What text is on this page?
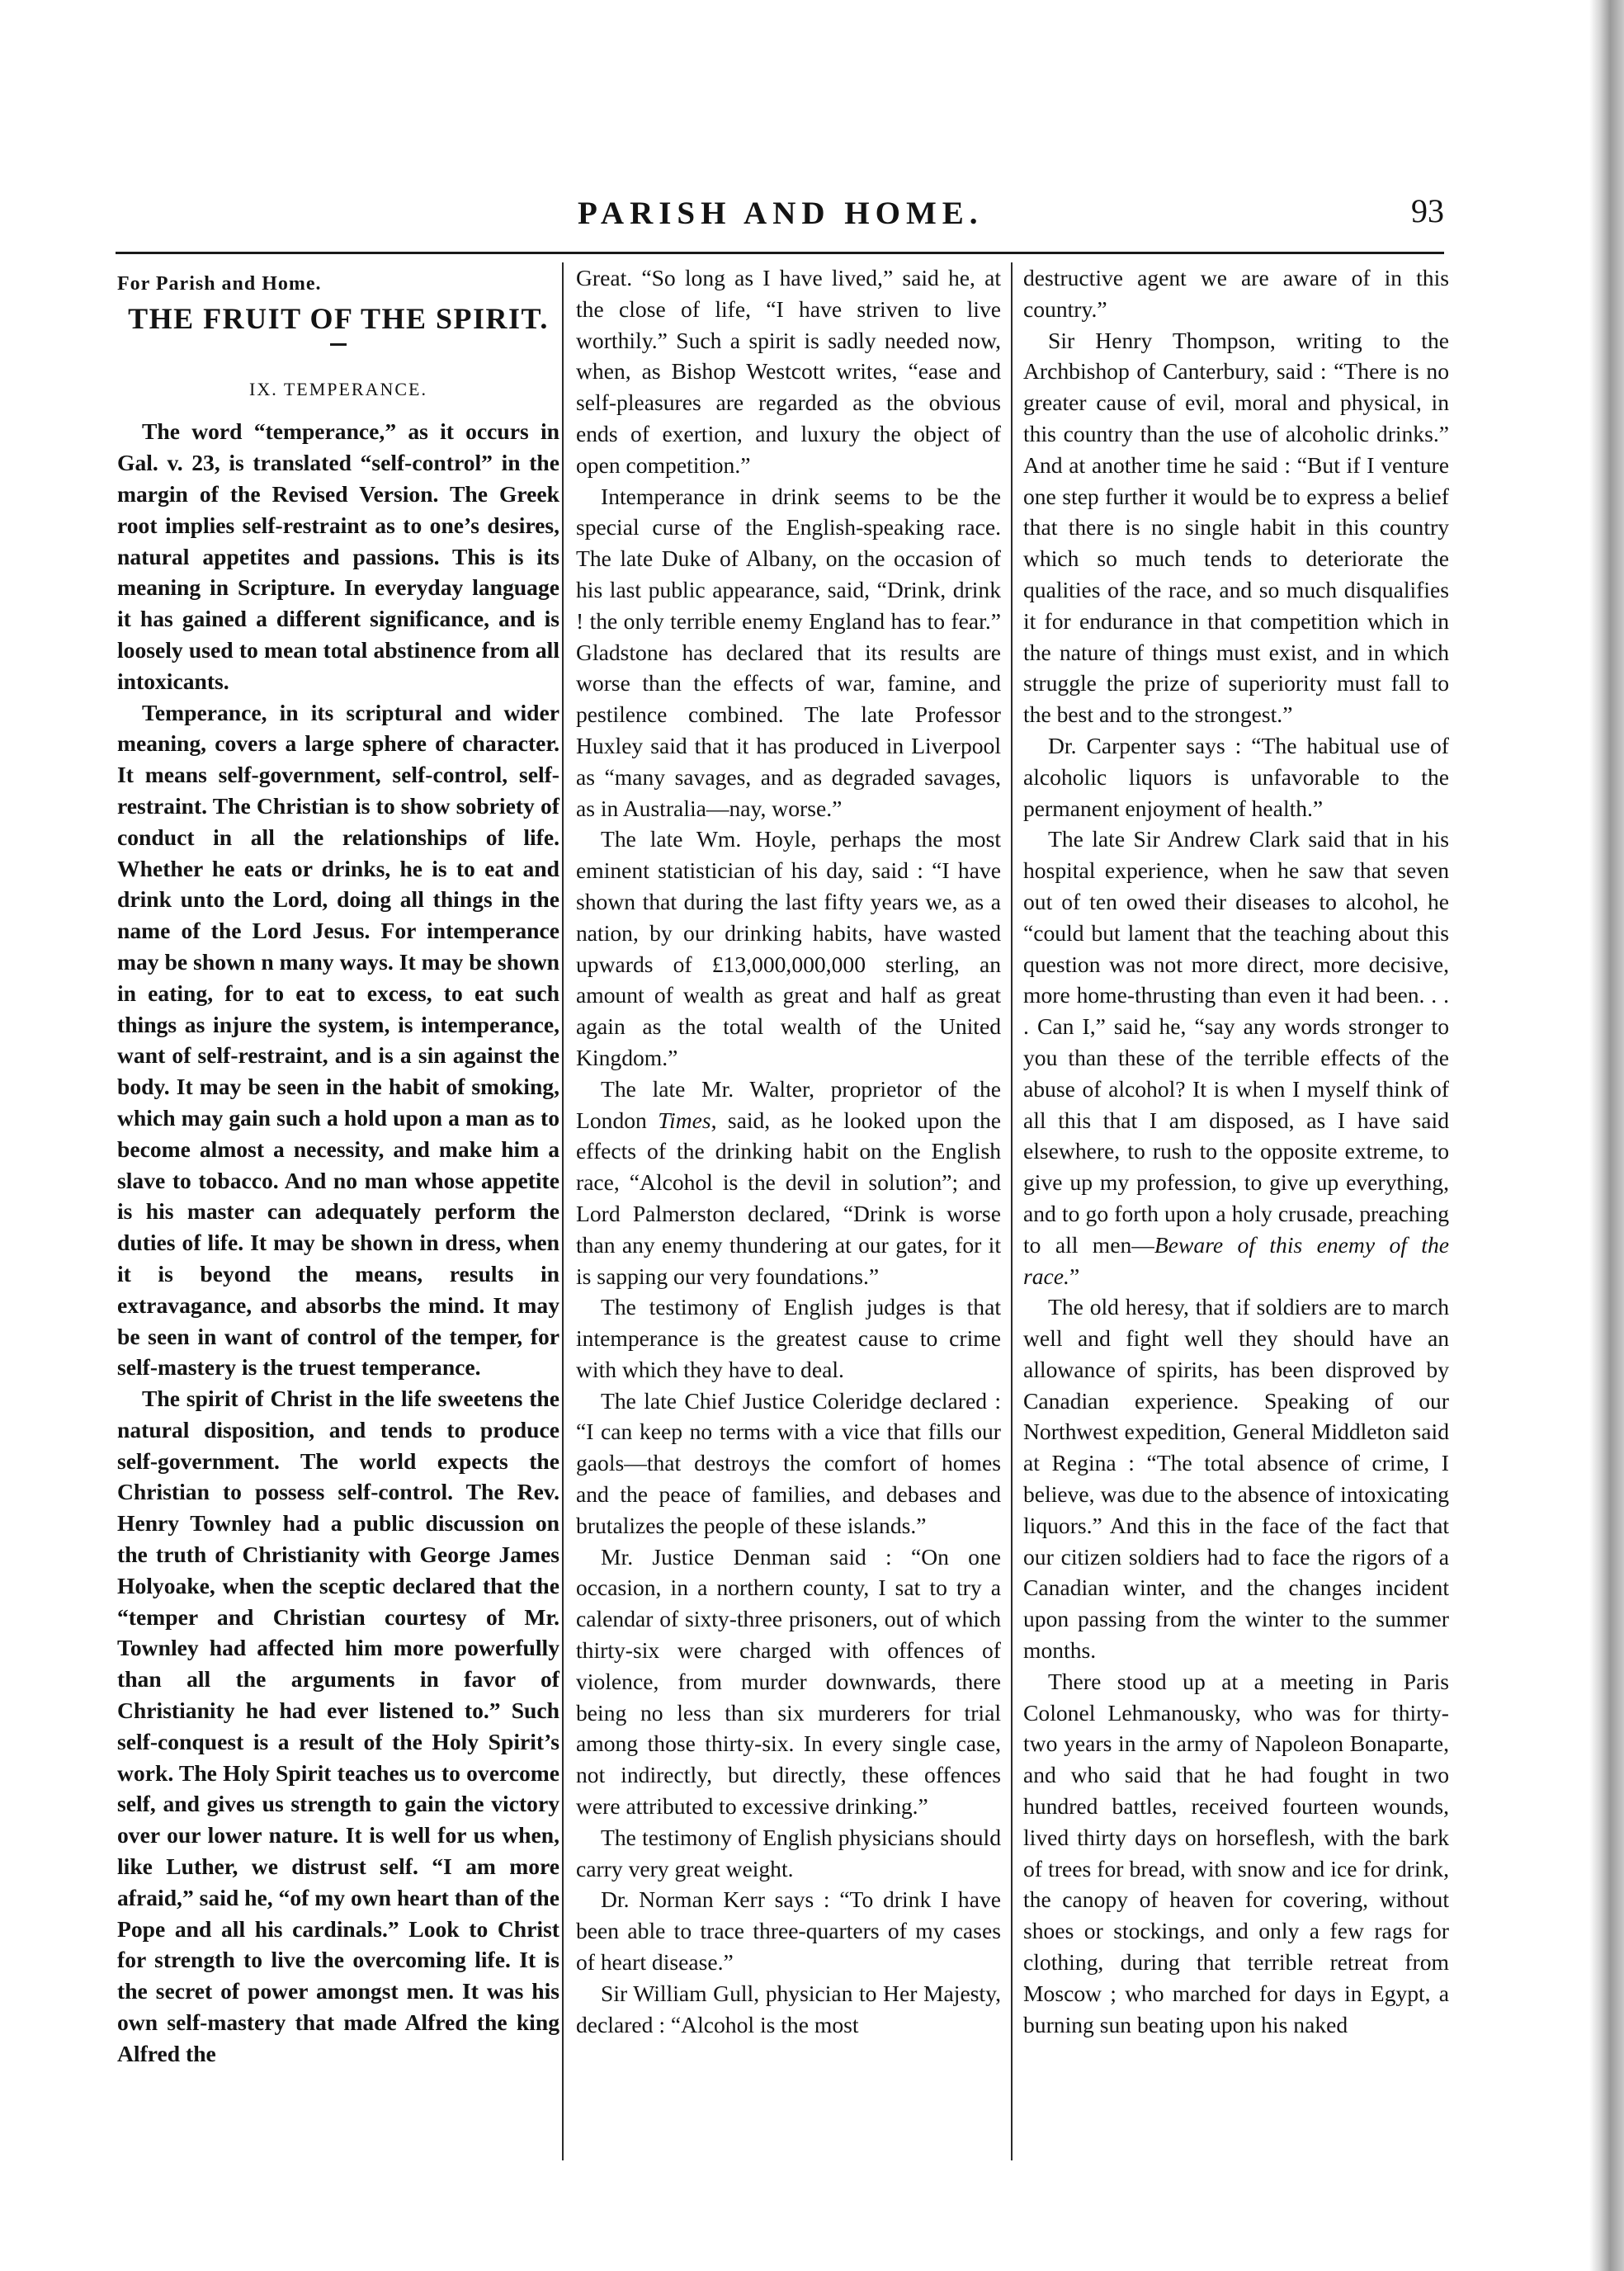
PARISH AND HOME.	93
For Parish and Home.
THE FRUIT OF THE SPIRIT.
IX. TEMPERANCE.

The word “temperance,” as it occurs in Gal. v. 23, is translated “self-control” in the margin of the Revised Version. The Greek root implies self-restraint as to one’s desires, natural appetites and passions. This is its meaning in Scripture. In everyday language it has gained a different significance, and is loosely used to mean total abstinence from all intoxicants.

Temperance, in its scriptural and wider meaning, covers a large sphere of character. It means self-government, self-control, self-restraint. The Christian is to show sobriety of conduct in all the relationships of life. Whether he eats or drinks, he is to eat and drink unto the Lord, doing all things in the name of the Lord Jesus. For intemperance may be shown n many ways. It may be shown in eating, for to eat to excess, to eat such things as injure the system, is intemperance, want of self-restraint, and is a sin against the body. It may be seen in the habit of smoking, which may gain such a hold upon a man as to become almost a necessity, and make him a slave to tobacco. And no man whose appetite is his master can adequately perform the duties of life. It may be shown in dress, when it is beyond the means, results in extravagance, and absorbs the mind. It may be seen in want of control of the temper, for self-mastery is the truest temperance.

The spirit of Christ in the life sweetens the natural disposition, and tends to produce self-government. The world expects the Christian to possess self-control. The Rev. Henry Townley had a public discussion on the truth of Christianity with George James Holyoake, when the sceptic declared that the “temper and Christian courtesy of Mr. Townley had affected him more powerfully than all the arguments in favor of Christianity he had ever listened to.” Such self-conquest is a result of the Holy Spirit’s work. The Holy Spirit teaches us to overcome self, and gives us strength to gain the victory over our lower nature. It is well for us when, like Luther, we distrust self. “I am more afraid,” said he, “of my own heart than of the Pope and all his cardinals.” Look to Christ for strength to live the overcoming life. It is the secret of power amongst men. It was his own self-mastery that made Alfred the king Alfred the

Great. “So long as I have lived,” said he, at the close of life, “I have striven to live worthily.” Such a spirit is sadly needed now, when, as Bishop Westcott writes, “ease and self-pleasures are regarded as the obvious ends of exertion, and luxury the object of open competition.”

Intemperance in drink seems to be the special curse of the English-speaking race. The late Duke of Albany, on the occasion of his last public appearance, said, “Drink, drink ! the only terrible enemy England has to fear.” Gladstone has declared that its results are worse than the effects of war, famine, and pestilence combined. The late Professor Huxley said that it has produced in Liverpool as “many savages, and as degraded savages, as in Australia—nay, worse.”

The late Wm. Hoyle, perhaps the most eminent statistician of his day, said : “I have shown that during the last fifty years we, as a nation, by our drinking habits, have wasted upwards of £13,000,000,000 sterling, an amount of wealth as great and half as great again as the total wealth of the United Kingdom.”

The late Mr. Walter, proprietor of the London Times, said, as he looked upon the effects of the drinking habit on the English race, “Alcohol is the devil in solution”; and Lord Palmerston declared, “Drink is worse than any enemy thundering at our gates, for it is sapping our very foundations.”

The testimony of English judges is that intemperance is the greatest cause to crime with which they have to deal.

The late Chief Justice Coleridge declared : “I can keep no terms with a vice that fills our gaols—that destroys the comfort of homes and the peace of families, and debases and brutalizes the people of these islands.”

Mr. Justice Denman said : “On one occasion, in a northern county, I sat to try a calendar of sixty-three prisoners, out of which thirty-six were charged with offences of violence, from murder downwards, there being no less than six murderers for trial among those thirty-six. In every single case, not indirectly, but directly, these offences were attributed to excessive drinking.”

The testimony of English physicians should carry very great weight.

Dr. Norman Kerr says : “To drink I have been able to trace three-quarters of my cases of heart disease.”

Sir William Gull, physician to Her Majesty, declared : “Alcohol is the most

destructive agent we are aware of in this country.”

Sir Henry Thompson, writing to the Archbishop of Canterbury, said : “There is no greater cause of evil, moral and physical, in this country than the use of alcoholic drinks.” And at another time he said : “But if I venture one step further it would be to express a belief that there is no single habit in this country which so much tends to deteriorate the qualities of the race, and so much disqualifies it for endurance in that competition which in the nature of things must exist, and in which struggle the prize of superiority must fall to the best and to the strongest.”

Dr. Carpenter says : “The habitual use of alcoholic liquors is unfavorable to the permanent enjoyment of health.”

The late Sir Andrew Clark said that in his hospital experience, when he saw that seven out of ten owed their diseases to alcohol, he “could but lament that the teaching about this question was not more direct, more decisive, more home-thrusting than even it had been. . . . Can I,” said he, “say any words stronger to you than these of the terrible effects of the abuse of alcohol? It is when I myself think of all this that I am disposed, as I have said elsewhere, to rush to the opposite extreme, to give up my profession, to give up everything, and to go forth upon a holy crusade, preaching to all men—Beware of this enemy of the race.”

The old heresy, that if soldiers are to march well and fight well they should have an allowance of spirits, has been disproved by Canadian experience. Speaking of our Northwest expedition, General Middleton said at Regina : “The total absence of crime, I believe, was due to the absence of intoxicating liquors.” And this in the face of the fact that our citizen soldiers had to face the rigors of a Canadian winter, and the changes incident upon passing from the winter to the summer months.

There stood up at a meeting in Paris Colonel Lehmanousky, who was for thirty-two years in the army of Napoleon Bonaparte, and who said that he had fought in two hundred battles, received fourteen wounds, lived thirty days on horseflesh, with the bark of trees for bread, with snow and ice for drink, the canopy of heaven for covering, without shoes or stockings, and only a few rags for clothing, during that terrible retreat from Moscow ; who marched for days in Egypt, a burning sun beating upon his naked
